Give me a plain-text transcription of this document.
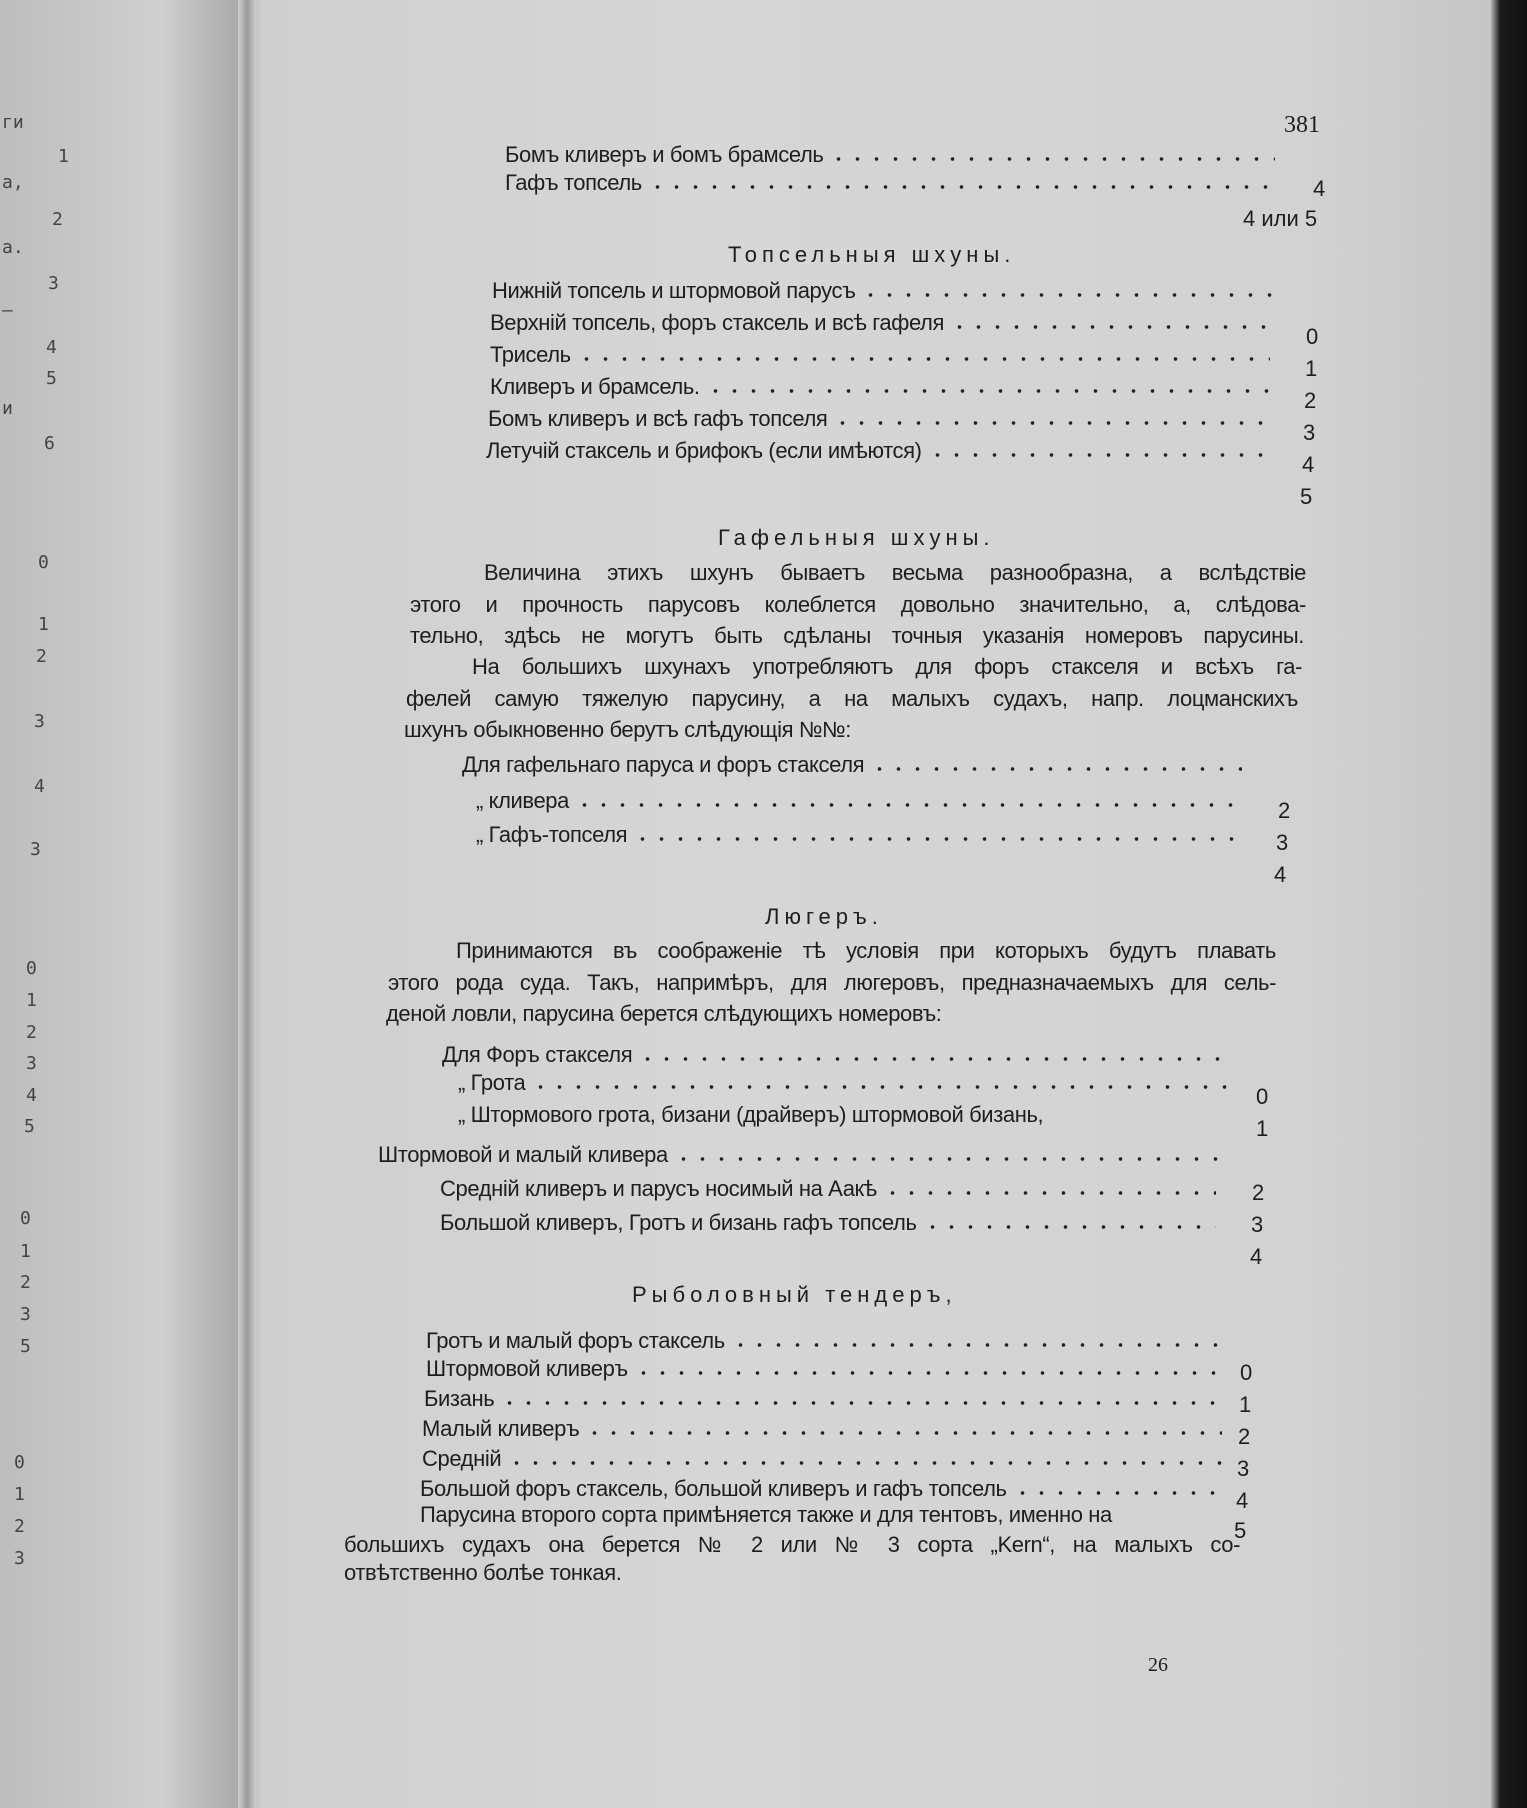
ги
а,
а.
–
и
1
2
3
4
5
6
0
1
2
3
4
3
0
1
2
3
4
5
0
1
2
3
5
0
1
2
3
381
Бомъ кливеръ и бомъ брамсель
Гафъ топсель	4
4 или 5
Топсельныя шхуны.
Нижній топсель и штормовой парусъ
Верхній топсель, форъ стаксель и всѣ гафеля
Трисель
Кливеръ и брамсель.
Бомъ кливеръ и всѣ гафъ топселя
Летучій стаксель и брифокъ (если имѣются)
0
1
2
3
4
5
Гафельныя шхуны.
Величина этихъ шхунъ бываетъ весьма разнообразна, а вслѣдствіе
этого и прочность парусовъ колеблется довольно значительно, а, слѣдова-
тельно, здѣсь не могутъ быть сдѣланы точныя указанія номеровъ парусины.
На большихъ шхунахъ употребляютъ для форъ стакселя и всѣхъ га-
фелей самую тяжелую парусину, а на малыхъ судахъ, напр. лоцманскихъ
шхунъ обыкновенно берутъ слѣдующія №№:
Для гафельнаго паруса и форъ стакселя
„ кливера
„ Гафъ-топселя
2
3
4
Люгеръ.
Принимаются въ соображеніе тѣ условія при которыхъ будутъ плавать
этого рода суда. Такъ, напримѣръ, для люгеровъ, предназначаемыхъ для сель-
деной ловли, парусина берется слѣдующихъ номеровъ:
Для Форъ стакселя
„ Грота
„ Штормового грота, бизани (драйверъ) штормовой бизань,
Штормовой и малый кливера
Средній кливеръ и парусъ носимый на Аакѣ
Большой кливеръ, Гротъ и бизань гафъ топсель
0
1
2
3
4
Рыболовный тендеръ,
Гротъ и малый форъ стаксель
Штормовой кливеръ
Бизань
Малый кливеръ
Средній
Большой форъ стаксель, большой кливеръ и гафъ топсель
0
1
2
3
4
5
Парусина второго сорта примѣняется также и для тентовъ, именно на
большихъ судахъ она берется № 2 или № 3 сорта „Kern“, на малыхъ со-
отвѣтственно болѣе тонкая.
26
